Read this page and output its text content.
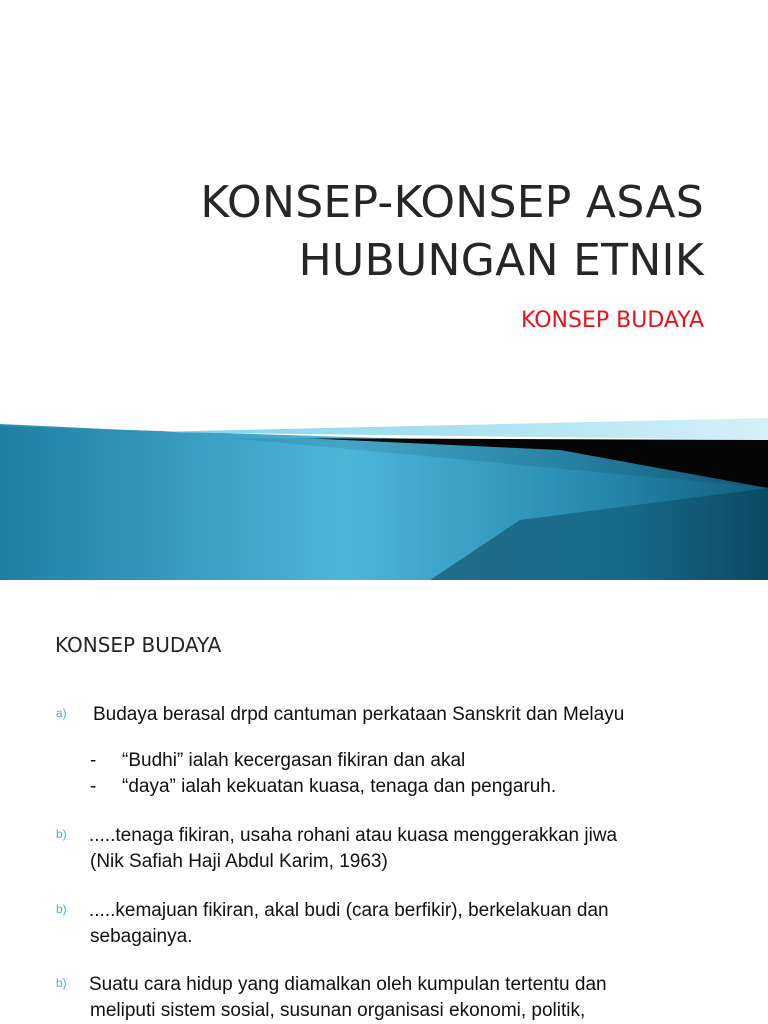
KONSEP-KONSEP ASAS
HUBUNGAN ETNIK
KONSEP BUDAYA
KONSEP BUDAYA
a) Budaya berasal drpd cantuman perkataan Sanskrit dan Melayu
- “Budhi” ialah kecergasan fikiran dan akal
- “daya” ialah kekuatan kuasa, tenaga dan pengaruh.
b) .....tenaga fikiran, usaha rohani atau kuasa menggerakkan jiwa
(Nik Safiah Haji Abdul Karim, 1963)
b) .....kemajuan fikiran, akal budi (cara berfikir), berkelakuan dan
sebagainya.
b) Suatu cara hidup yang diamalkan oleh kumpulan tertentu dan
meliputi sistem sosial, susunan organisasi ekonomi, politik,
